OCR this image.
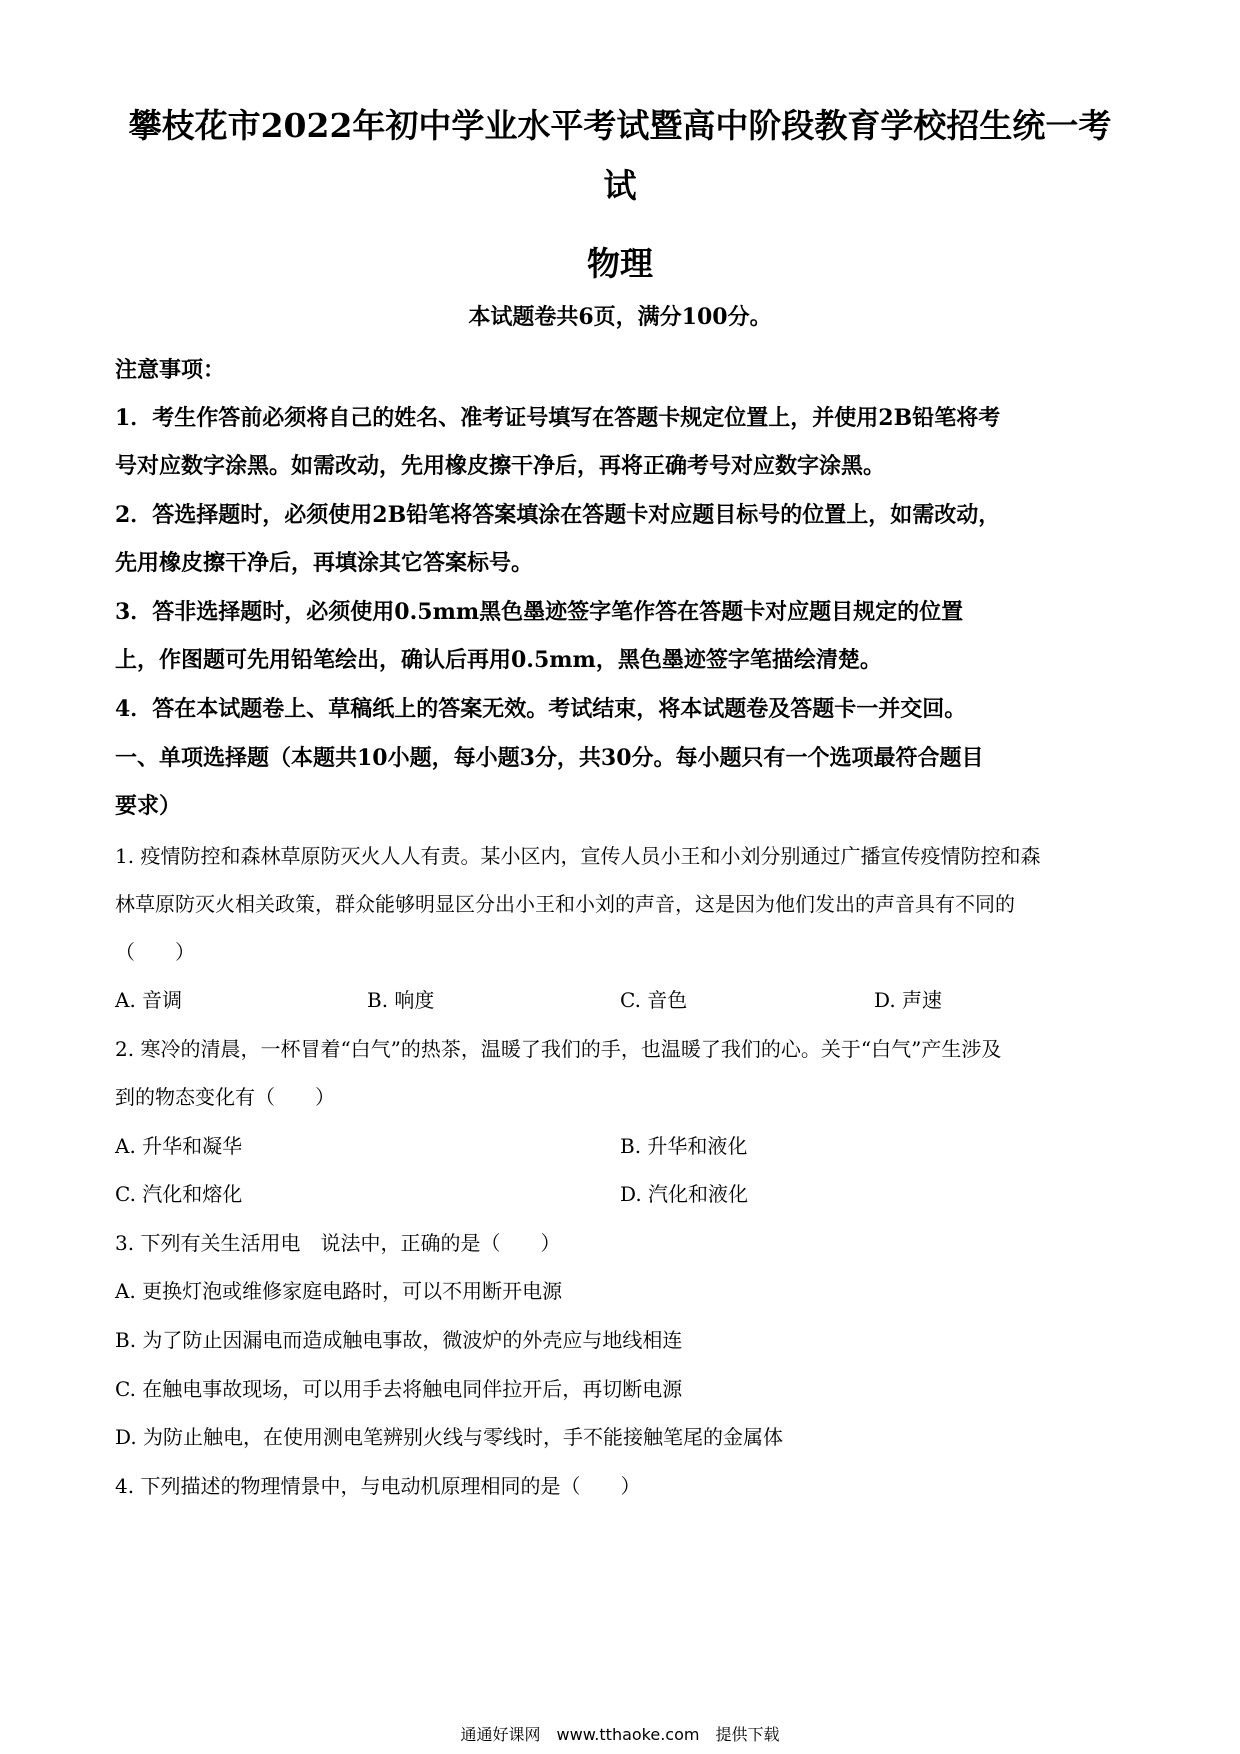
攀枝花市2022年初中学业水平考试暨高中阶段教育学校招生统一考
试
物理
本试题卷共6页，满分100分。
注意事项：
1．考生作答前必须将自己的姓名、准考证号填写在答题卡规定位置上，并使用2B铅笔将考
号对应数字涂黑。如需改动，先用橡皮擦干净后，再将正确考号对应数字涂黑。
2．答选择题时，必须使用2B铅笔将答案填涂在答题卡对应题目标号的位置上，如需改动，
先用橡皮擦干净后，再填涂其它答案标号。
3．答非选择题时，必须使用0.5mm黑色墨迹签字笔作答在答题卡对应题目规定的位置
上，作图题可先用铅笔绘出，确认后再用0.5mm，黑色墨迹签字笔描绘清楚。
4．答在本试题卷上、草稿纸上的答案无效。考试结束，将本试题卷及答题卡一并交回。
一、单项选择题（本题共10小题，每小题3分，共30分。每小题只有一个选项最符合题目
要求）
1. 疫情防控和森林草原防灭火人人有责。某小区内，宣传人员小王和小刘分别通过广播宣传疫情防控和森
林草原防灭火相关政策，群众能够明显区分出小王和小刘的声音，这是因为他们发出的声音具有不同的
（　　）
A. 音调	B. 响度	C. 音色	D. 声速
2. 寒冷的清晨，一杯冒着“白气”的热茶，温暖了我们的手，也温暖了我们的心。关于“白气”产生涉及
到的物态变化有（　　）
A. 升华和凝华	B. 升华和液化
C. 汽化和熔化	D. 汽化和液化
3. 下列有关生活用电　说法中，正确的是（　　）
A. 更换灯泡或维修家庭电路时，可以不用断开电源
B. 为了防止因漏电而造成触电事故，微波炉的外壳应与地线相连
C. 在触电事故现场，可以用手去将触电同伴拉开后，再切断电源
D. 为防止触电，在使用测电笔辨别火线与零线时，手不能接触笔尾的金属体
4. 下列描述的物理情景中，与电动机原理相同的是（　　）
通通好课网　www.tthaoke.com　提供下载
